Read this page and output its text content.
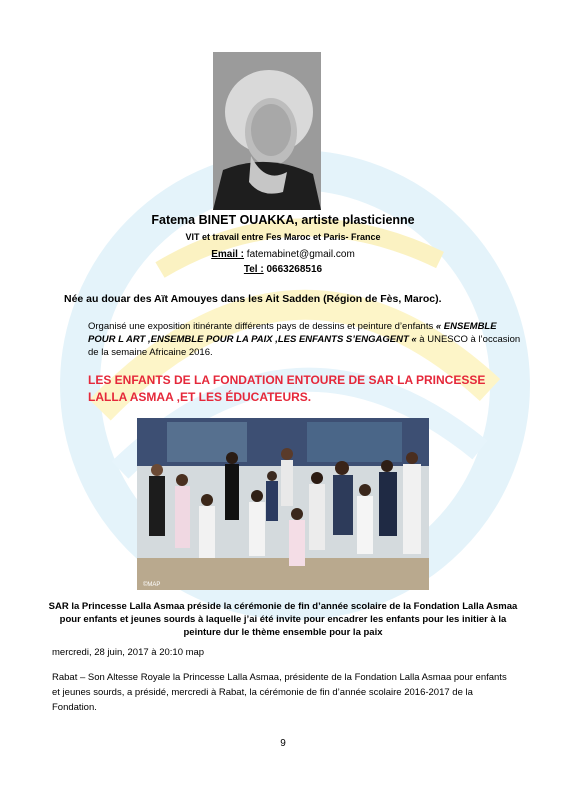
Fatema BINET OUAKKA, artiste plasticienne
VIT et travail entre Fes Maroc et Paris- France
Email : fatemabinet@gmail.com
Tel : 0663268516
Née au douar des Aït Amouyes dans les Ait Sadden (Région de Fès, Maroc).
Organisé une exposition itinérante différents pays de dessins et peinture d’enfants « ENSEMBLE POUR L ART ,ENSEMBLE POUR LA PAIX ,LES ENFANTS S’ENGAGENT « à UNESCO à l’occasion de la semaine Africaine 2016.
LES ENFANTS DE LA FONDATION ENTOURE DE SAR LA PRINCESSE LALLA ASMAA ,ET LES ÉDUCATEURS.
©MAP
SAR la Princesse Lalla Asmaa préside la cérémonie de fin d’année scolaire de la Fondation Lalla Asmaa pour enfants et jeunes sourds à laquelle j’ai été invite pour encadrer les enfants pour les initier à la peinture dur le thème ensemble pour la paix
mercredi, 28 juin, 2017 à 20:10 map
Rabat – Son Altesse Royale la Princesse Lalla Asmaa, présidente de la Fondation Lalla Asmaa pour enfants et jeunes sourds, a présidé, mercredi à Rabat, la cérémonie de fin d’année scolaire 2016-2017 de la Fondation.
9
